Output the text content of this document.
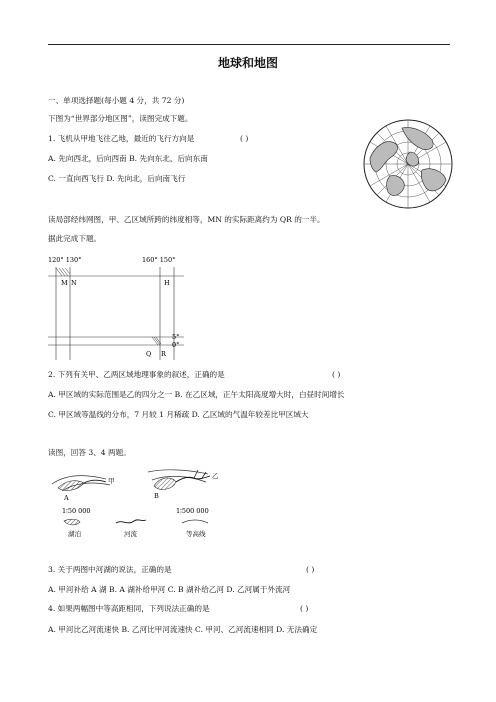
地球和地图
一、单项选择题(每小题 4 分，共 72 分)
下图为“世界部分地区图”，读图完成下题。
1. 飞机从甲地飞往乙地，最近的飞行方向是	( )
A. 先向西北，后向西南 B. 先向东北，后向东南
C. 一直向西飞行 D. 先向北，后向南飞行
读局部经纬网图，甲、乙区域所跨的纬度相等，MN 的实际距离约为 QR 的一半。
据此完成下题。
120° 130°	160° 150°
M N	H
Q R
5°
0°
2. 下列有关甲、乙两区域地理事象的叙述，正确的是	( )
A. 甲区域的实际范围是乙的四分之一 B. 在乙区域，正午太阳高度增大时，白昼时间增长
C. 甲区域等温线的分布，7 月较 1 月稀疏 D. 乙区域的气温年较差比甲区域大
读图，回答 3、4 两题。
A
甲
1∶50 000
B
乙
1∶500 000
湖泊	河流	等高线
3. 关于两图中河湖的说法，正确的是	( )
A. 甲河补给 A 湖 B. A 湖补给甲河 C. B 湖补给乙河 D. 乙河属于外流河
4. 如果两幅图中等高距相同，下列说法正确的是	( )
A. 甲河比乙河流速快 B. 乙河比甲河流速快 C. 甲河、乙河流速相同 D. 无法确定
